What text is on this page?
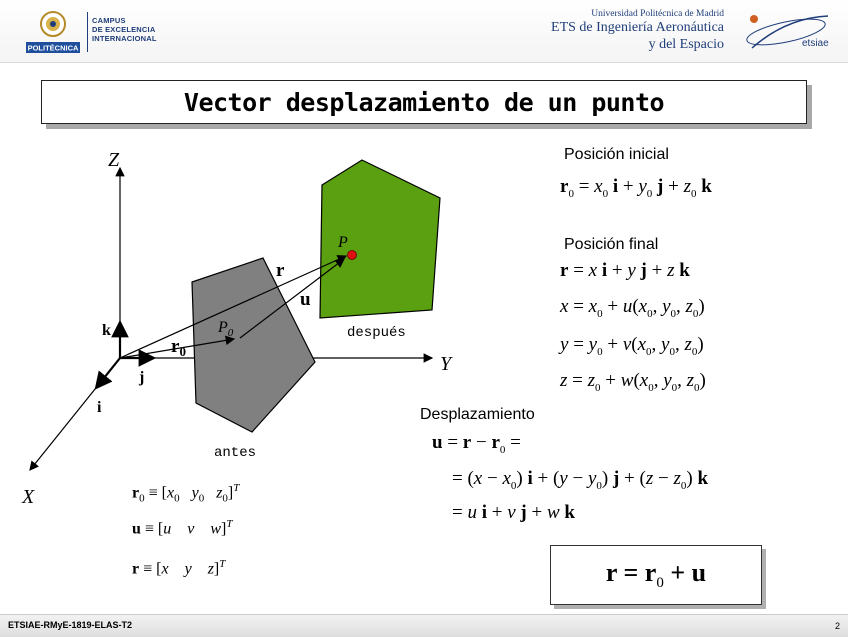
POLITÉCNICA
CAMPUS
DE EXCELENCIA
INTERNACIONAL
Universidad Politécnica de Madrid
ETS de Ingeniería Aeronáutica
y del Espacio	etsiae
Vector desplazamiento de un punto
Z
Y
X
k
j
i
$r_0$
r
u
$P_0$
P
antes
después
$r_0 \equiv [x_0$ $y_0$ $z_0]^T$
u ≡ [u v w]$^T$
r ≡ [x y z]$^T$
Posición inicial
$r_0 = x_0$ $i + y_0$ $j + z_0$ k
Posición final
r = x i + y j + z k
$x = x_0 + u(x_0$, $y_0$, $z_0$)
$y = y_0 + v(x_0$, $y_0$, $z_0$)
$z = z_0 + w(x_0$, $y_0$, $z_0$)
Desplazamiento
$u = r - r_0$ =
= $(x - x_0)$ $i + (y - y_0)$ $j + (z - z_0)$ k
= u i + v j + w k
$r = r_0 + u$
ETSIAE-RMyE-1819-ELAS-T2	2
